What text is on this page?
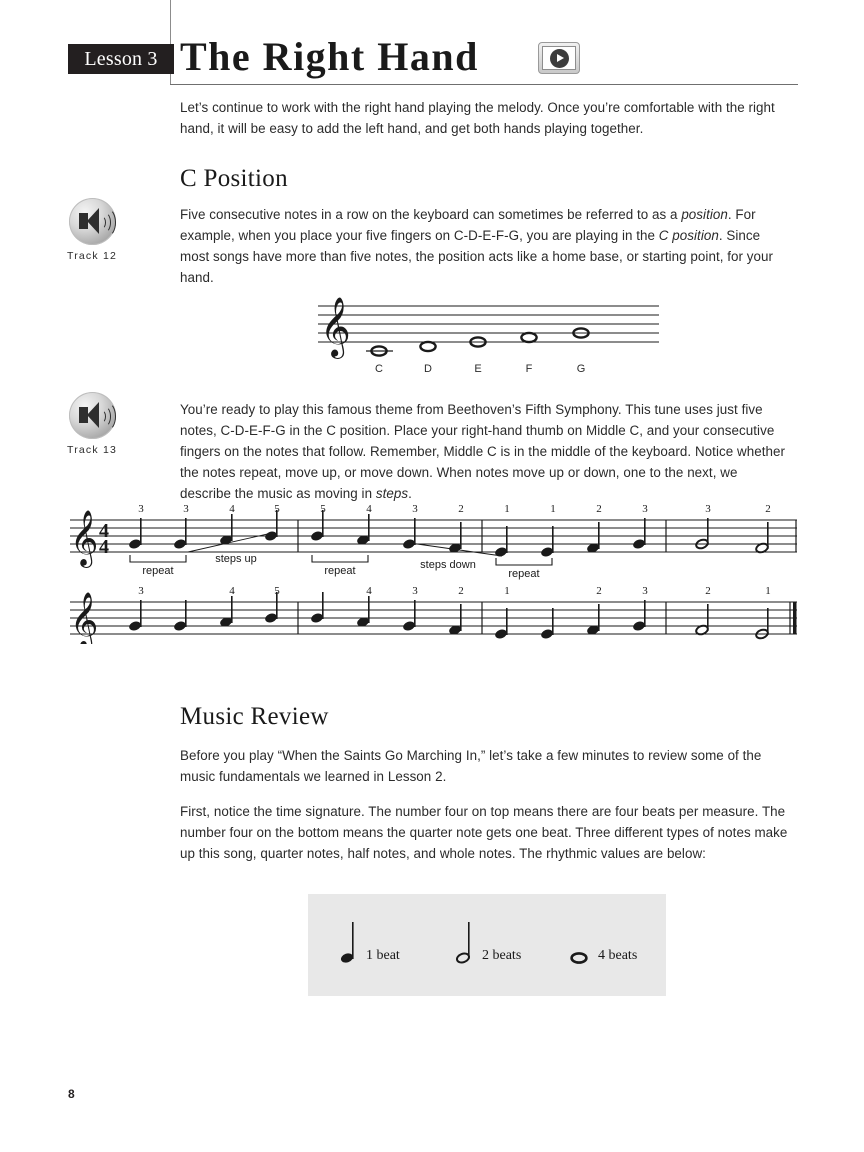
Lesson 3 The Right Hand

Let’s continue to work with the right hand playing the melody. Once you’re comfortable with the right hand, it will be easy to add the left hand, and get both hands playing together.

C Position
Track 12

Five consecutive notes in a row on the keyboard can sometimes be referred to as a position. For example, when you place your five fingers on C-D-E-F-G, you are playing in the C position. Since most songs have more than five notes, the position acts like a home base, or starting point, for your hand.

𝄞
C	D	E	F	G
Track 13

You’re ready to play this famous theme from Beethoven’s Fifth Symphony. This tune uses just five notes, C-D-E-F-G in the C position. Place your right-hand thumb on Middle C, and your consecutive fingers on the notes that follow. Remember, Middle C is in the middle of the keyboard. Notice whether the notes repeat, move up, or move down. When notes move up or down, one to the next, we describe the music as moving in steps.

𝄞 4
4
3	3	4	5	5	4	3	2	1	1	2	3	3	2
repeat
steps up
repeat	steps down
repeat
𝄞
3	4	5	4	3	2	1	2	3	2	1
Music Review

Before you play “When the Saints Go Marching In,” let’s take a few minutes to review some of the music fundamentals we learned in Lesson 2.

First, notice the time signature. The number four on top means there are four beats per measure. The number four on the bottom means the quarter note gets one beat. Three different types of notes make up this song, quarter notes, half notes, and whole notes. The rhythmic values are below:

1 beat	2 beats	4 beats
8
